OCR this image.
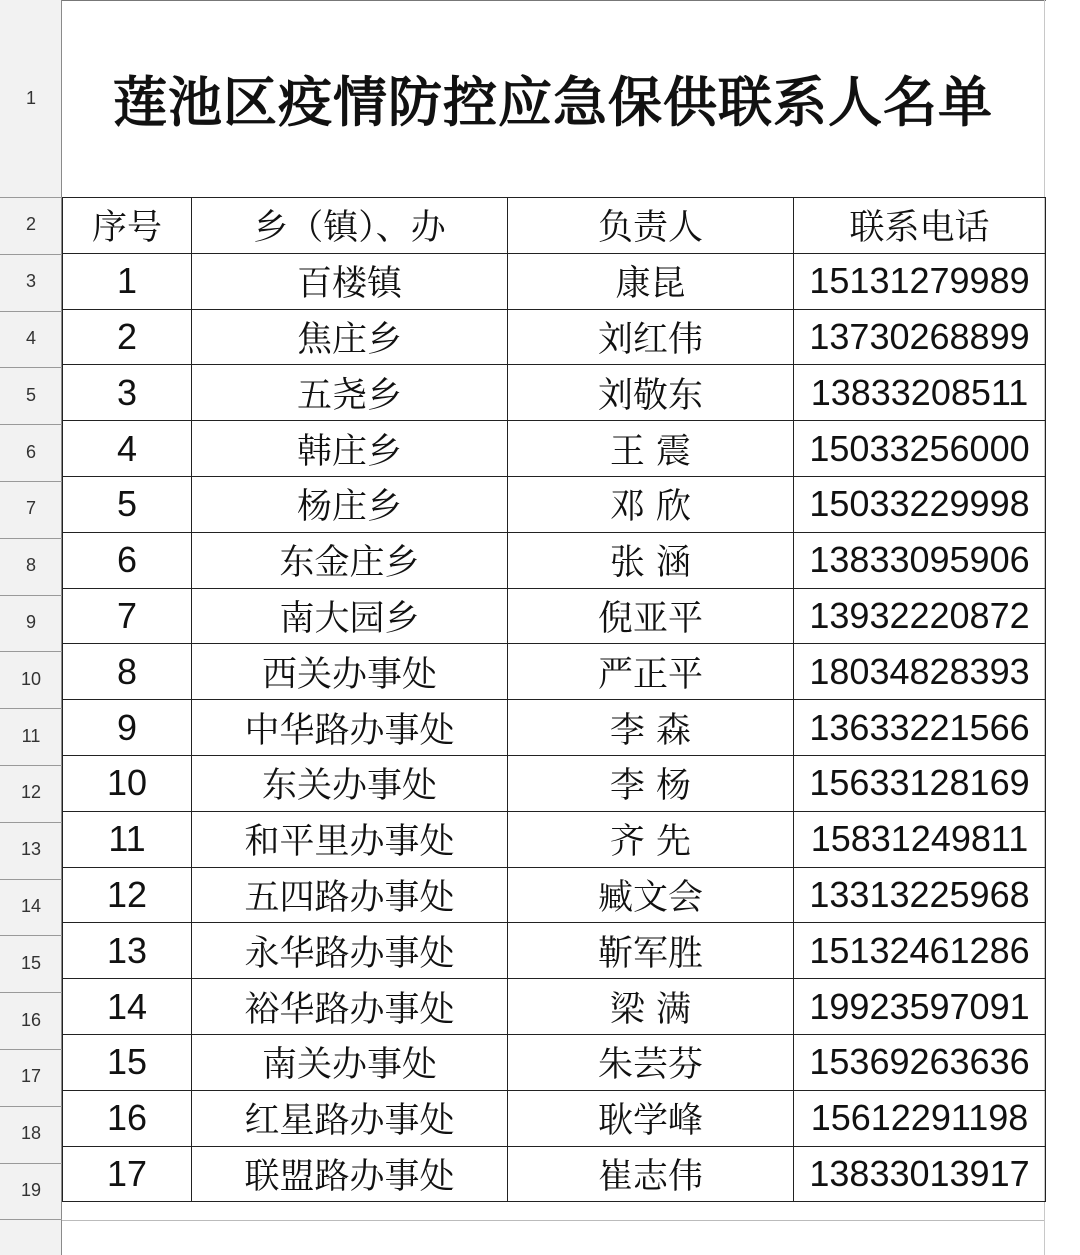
莲池区疫情防控应急保供联系人名单
序号	乡（镇）、办	负责人	联系电话
1	百楼镇	康昆	15131279989
2	焦庄乡	刘红伟	13730268899
3	五尧乡	刘敬东	13833208511
4	韩庄乡	王 震	15033256000
5	杨庄乡	邓 欣	15033229998
6	东金庄乡	张 涵	13833095906
7	南大园乡	倪亚平	13932220872
8	西关办事处	严正平	18034828393
9	中华路办事处	李 森	13633221566
10	东关办事处	李 杨	15633128169
11	和平里办事处	齐 先	15831249811
12	五四路办事处	臧文会	13313225968
13	永华路办事处	靳军胜	15132461286
14	裕华路办事处	梁 满	19923597091
15	南关办事处	朱芸芬	15369263636
16	红星路办事处	耿学峰	15612291198
17	联盟路办事处	崔志伟	13833013917
1
2
3
4
5
6
7
8
9
10
11
12
13
14
15
16
17
18
19
